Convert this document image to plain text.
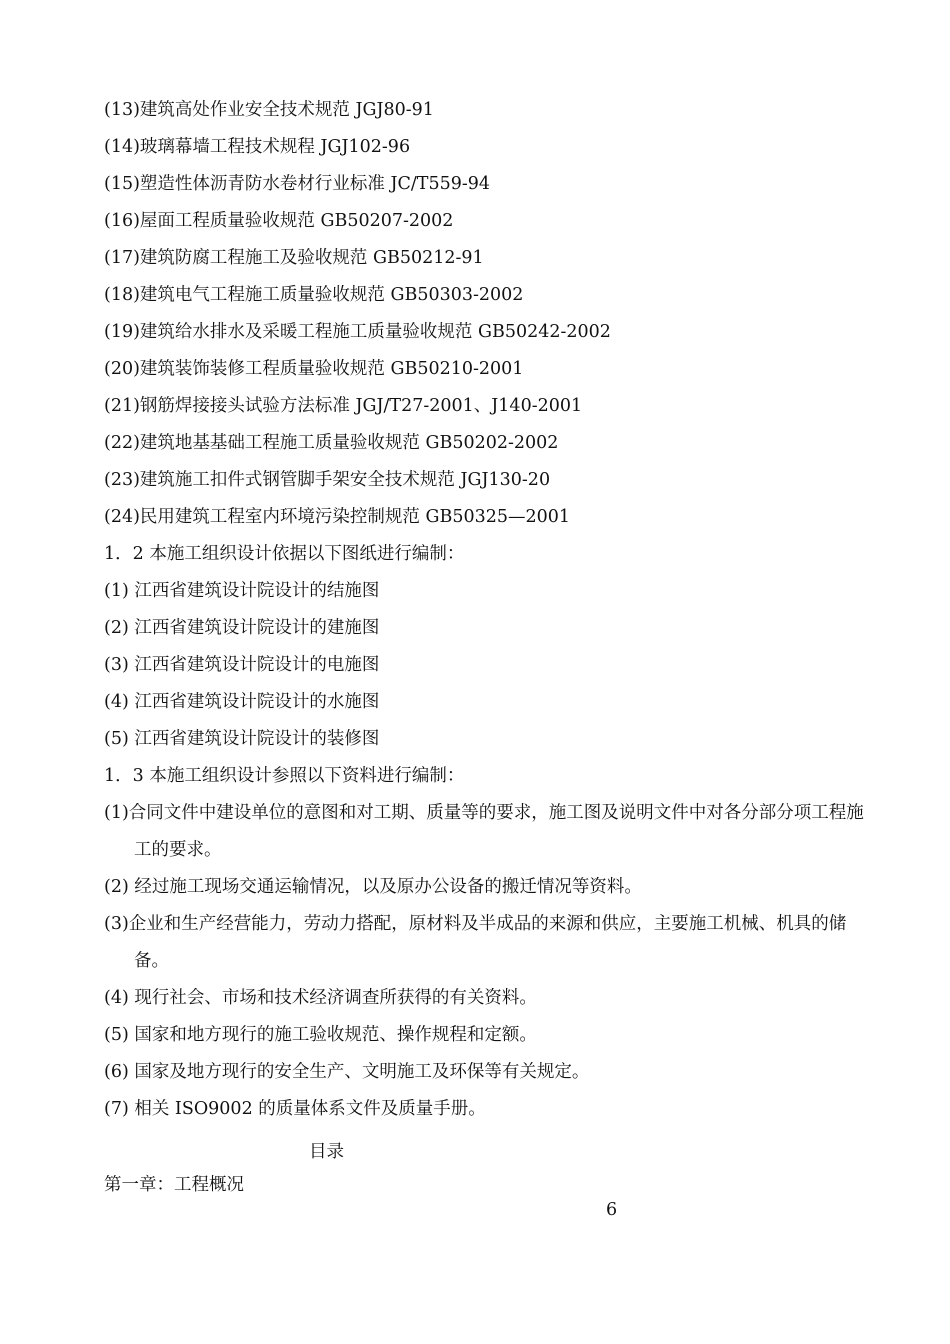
(13)建筑高处作业安全技术规范 JGJ80-91
(14)玻璃幕墙工程技术规程 JGJ102-96
(15)塑造性体沥青防水卷材行业标准 JC/T559-94
(16)屋面工程质量验收规范 GB50207-2002
(17)建筑防腐工程施工及验收规范 GB50212-91
(18)建筑电气工程施工质量验收规范 GB50303-2002
(19)建筑给水排水及采暖工程施工质量验收规范 GB50242-2002
(20)建筑装饰装修工程质量验收规范 GB50210-2001
(21)钢筋焊接接头试验方法标准 JGJ/T27-2001、J140-2001
(22)建筑地基基础工程施工质量验收规范 GB50202-2002
(23)建筑施工扣件式钢管脚手架安全技术规范 JGJ130-20
(24)民用建筑工程室内环境污染控制规范 GB50325—2001
1．2 本施工组织设计依据以下图纸进行编制：
(1) 江西省建筑设计院设计的结施图
(2) 江西省建筑设计院设计的建施图
(3) 江西省建筑设计院设计的电施图
(4) 江西省建筑设计院设计的水施图
(5) 江西省建筑设计院设计的装修图
1．3 本施工组织设计参照以下资料进行编制：
(1)合同文件中建设单位的意图和对工期、质量等的要求，施工图及说明文件中对各分部分项工程施工的要求。
(2) 经过施工现场交通运输情况，以及原办公设备的搬迁情况等资料。
(3)企业和生产经营能力，劳动力搭配，原材料及半成品的来源和供应，主要施工机械、机具的储备。
(4) 现行社会、市场和技术经济调查所获得的有关资料。
(5) 国家和地方现行的施工验收规范、操作规程和定额。
(6) 国家及地方现行的安全生产、文明施工及环保等有关规定。
(7) 相关 ISO9002 的质量体系文件及质量手册。
目录
第一章：工程概况
6
